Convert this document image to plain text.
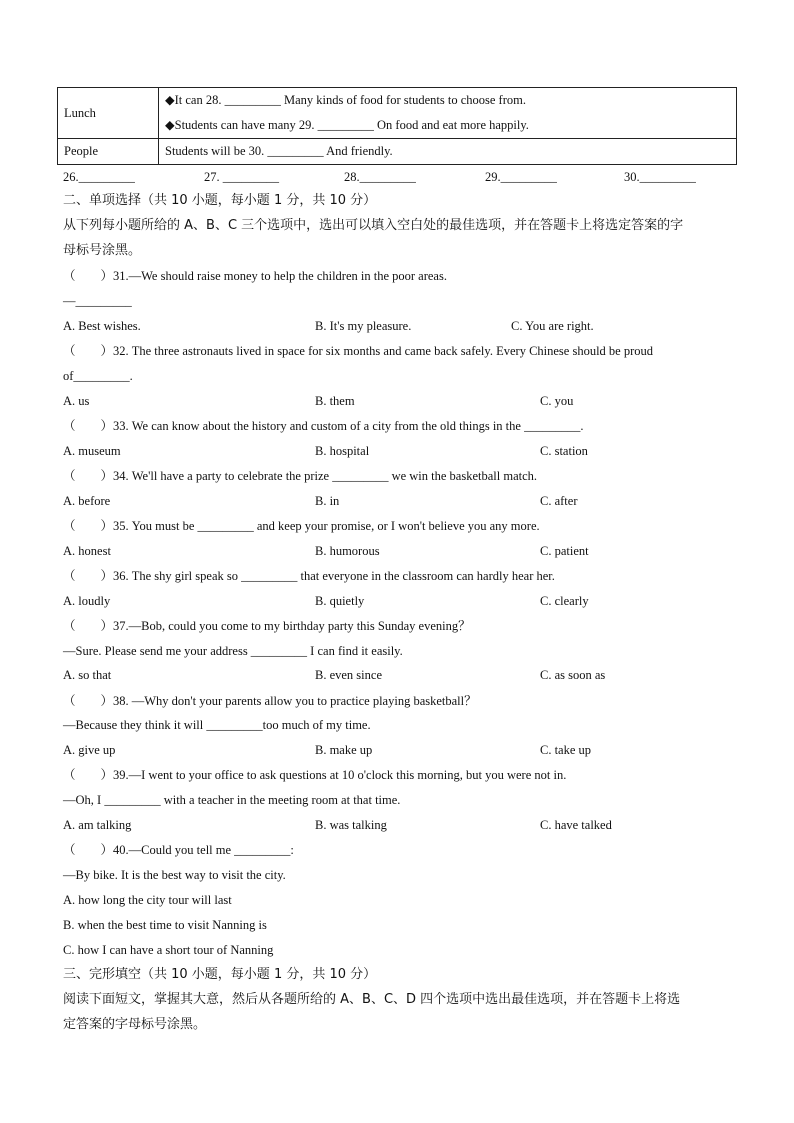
Lunch	◆It can 28. _________ Many kinds of food for students to choose from.
◆Students can have many 29. _________ On food and eat more happily.

People	Students will be 30. _________ And friendly.
26._________	27. _________	28._________	29._________	30._________
二、单项选择（共 10 小题，每小题 1 分，共 10 分）
从下列每小题所给的 A、B、C 三个选项中，选出可以填入空白处的最佳选项，并在答题卡上将选定答案的字
母标号涂黑。
（　　）31.—We should raise money to help the children in the poor areas.
—_________
A. Best wishes.	B. It's my pleasure.	C. You are right.
（　　）32. The three astronauts lived in space for six months and came back safely. Every Chinese should be proud
of_________.
A. us	B. them	C. you
（　　）33. We can know about the history and custom of a city from the old things in the _________.
A. museum	B. hospital	C. station
（　　）34. We'll have a party to celebrate the prize _________ we win the basketball match.
A. before	B. in	C. after
（　　）35. You must be _________ and keep your promise, or I won't believe you any more.
A. honest	B. humorous	C. patient
（　　）36. The shy girl speak so _________ that everyone in the classroom can hardly hear her.
A. loudly	B. quietly	C. clearly
（　　）37.—Bob, could you come to my birthday party this Sunday evening？
—Sure. Please send me your address _________ I can find it easily.
A. so that	B. even since	C. as soon as
（　　）38. —Why don't your parents allow you to practice playing basketball？
—Because they think it will _________too much of my time.
A. give up	B. make up	C. take up
（　　）39.—I went to your office to ask questions at 10 o'clock this morning, but you were not in.
—Oh, I _________ with a teacher in the meeting room at that time.
A. am talking	B. was talking	C. have talked
（　　）40.—Could you tell me _________:
—By bike. It is the best way to visit the city.
A. how long the city tour will last
B. when the best time to visit Nanning is
C. how I can have a short tour of Nanning
三、完形填空（共 10 小题，每小题 1 分，共 10 分）
阅读下面短文，掌握其大意，然后从各题所给的 A、B、C、D 四个选项中选出最佳选项，并在答题卡上将选
定答案的字母标号涂黑。
